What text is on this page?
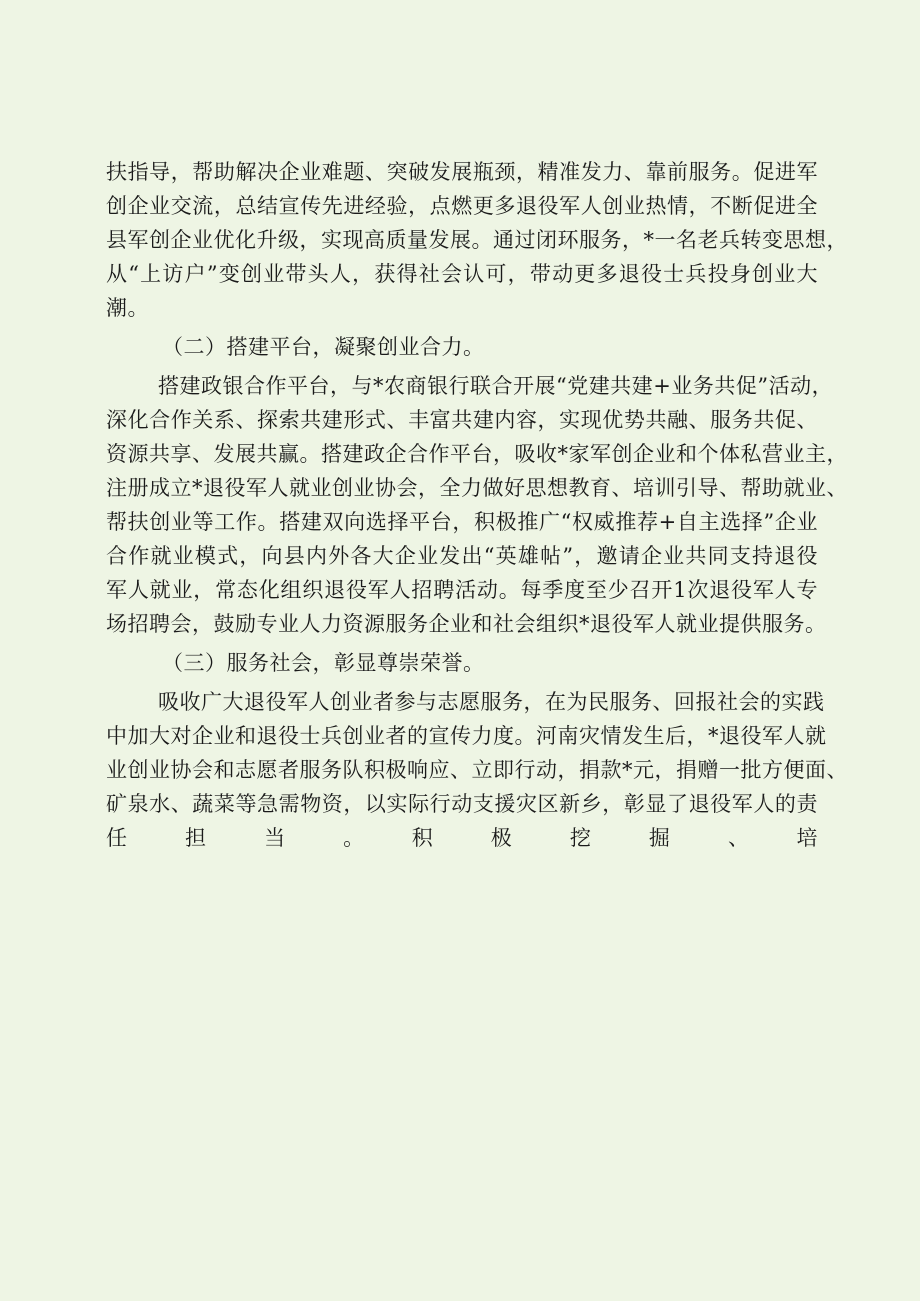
扶指导，帮助解决企业难题、突破发展瓶颈，精准发力、靠前服务。促进军
创企业交流，总结宣传先进经验，点燃更多退役军人创业热情，不断促进全
县军创企业优化升级，实现高质量发展。通过闭环服务，*一名老兵转变思想，
从“上访户”变创业带头人，获得社会认可，带动更多退役士兵投身创业大
潮。
（二）搭建平台，凝聚创业合力。
搭建政银合作平台，与*农商银行联合开展“党建共建+业务共促”活动，
深化合作关系、探索共建形式、丰富共建内容，实现优势共融、服务共促、
资源共享、发展共赢。搭建政企合作平台，吸收*家军创企业和个体私营业主，
注册成立*退役军人就业创业协会，全力做好思想教育、培训引导、帮助就业、
帮扶创业等工作。搭建双向选择平台，积极推广“权威推荐+自主选择”企业
合作就业模式，向县内外各大企业发出“英雄帖”，邀请企业共同支持退役
军人就业，常态化组织退役军人招聘活动。每季度至少召开1次退役军人专
场招聘会，鼓励专业人力资源服务企业和社会组织*退役军人就业提供服务。
（三）服务社会，彰显尊崇荣誉。
吸收广大退役军人创业者参与志愿服务，在为民服务、回报社会的实践
中加大对企业和退役士兵创业者的宣传力度。河南灾情发生后，*退役军人就
业创业协会和志愿者服务队积极响应、立即行动，捐款*元，捐赠一批方便面、
矿泉水、蔬菜等急需物资，以实际行动支援灾区新乡，彰显了退役军人的责
任　担　当　。　积　极　挖　掘　、　培
